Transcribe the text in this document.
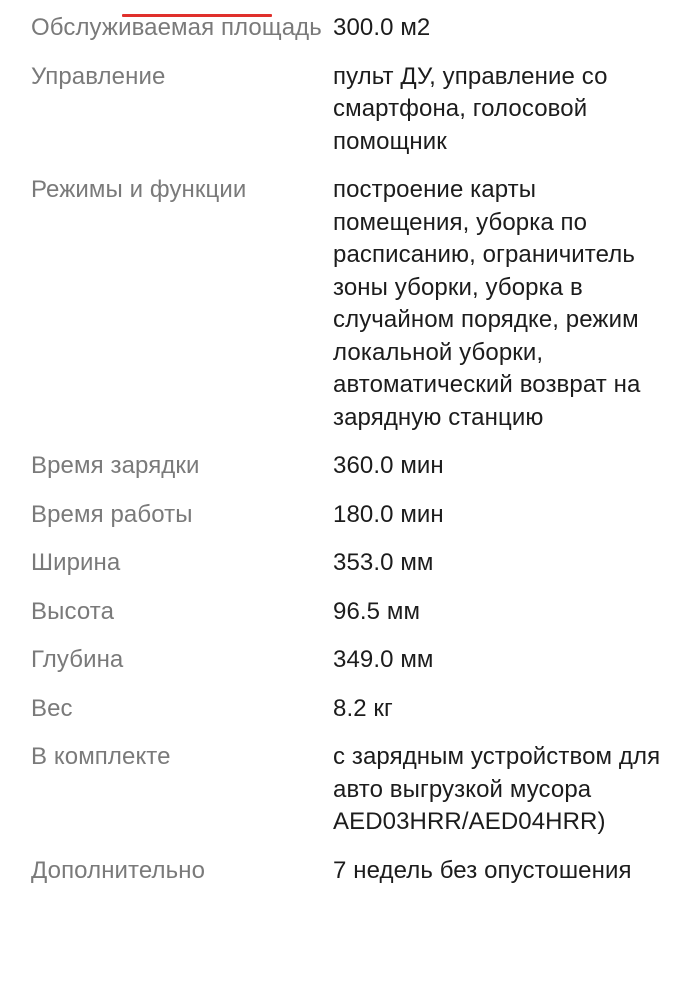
Обслуживаемая площадь 300.0 м2
Управление	пульт ДУ, управление со смартфона, голосовой помощник
Режимы и функции	построение карты помещения, уборка по расписанию, ограничитель зоны уборки, уборка в случайном порядке, режим локальной уборки, автоматический возврат на зарядную станцию
Время зарядки	360.0 мин
Время работы	180.0 мин
Ширина	353.0 мм
Высота	96.5 мм
Глубина	349.0 мм
Вес	8.2 кг
В комплекте	с зарядным устройством для авто выгрузкой мусора AED03HRR/AED04HRR)
Дополнительно	7 недель без опустошения
